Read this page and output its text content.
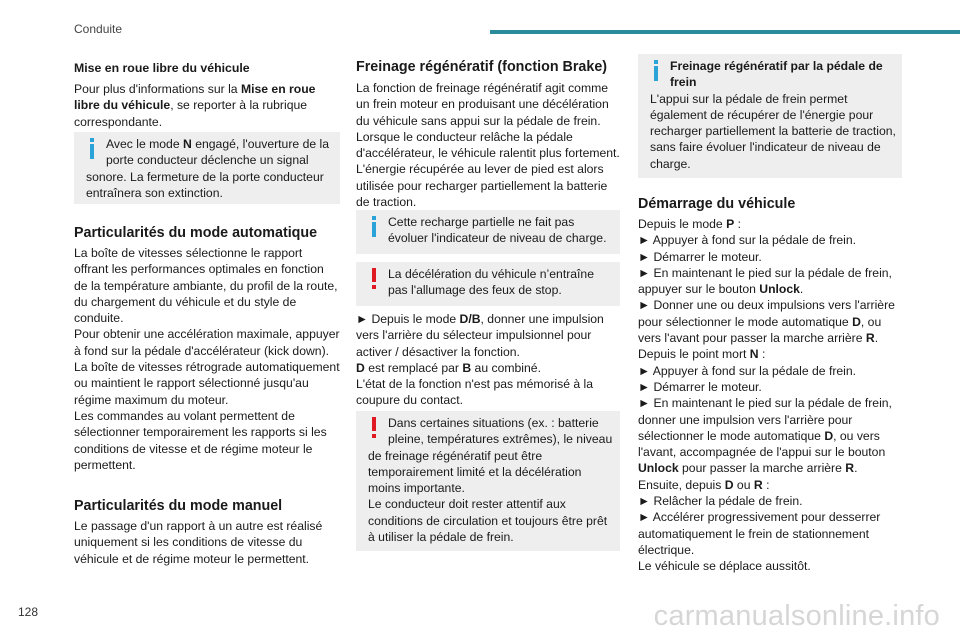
Conduite
Mise en roue libre du véhicule

Pour plus d'informations sur la Mise en roue libre du véhicule, se reporter à la rubrique correspondante.

Avec le mode N engagé, l'ouverture de la porte conducteur déclenche un signal sonore. La fermeture de la porte conducteur entraînera son extinction.

Particularités du mode automatique

La boîte de vitesses sélectionne le rapport offrant les performances optimales en fonction de la température ambiante, du profil de la route, du chargement du véhicule et du style de conduite.

Pour obtenir une accélération maximale, appuyer à fond sur la pédale d'accélérateur (kick down). La boîte de vitesses rétrograde automatiquement ou maintient le rapport sélectionné jusqu'au régime maximum du moteur.

Les commandes au volant permettent de sélectionner temporairement les rapports si les conditions de vitesse et de régime moteur le permettent.

Particularités du mode manuel

Le passage d'un rapport à un autre est réalisé uniquement si les conditions de vitesse du véhicule et de régime moteur le permettent.

Freinage régénératif (fonction Brake)

La fonction de freinage régénératif agit comme un frein moteur en produisant une décélération du véhicule sans appui sur la pédale de frein.

Lorsque le conducteur relâche la pédale d'accélérateur, le véhicule ralentit plus fortement. L'énergie récupérée au lever de pied est alors utilisée pour recharger partiellement la batterie de traction.

Cette recharge partielle ne fait pas évoluer l'indicateur de niveau de charge.

La décélération du véhicule n’entraîne pas l'allumage des feux de stop.

► Depuis le mode D/B, donner une impulsion vers l'arrière du sélecteur impulsionnel pour activer / désactiver la fonction.

D est remplacé par B au combiné.

L'état de la fonction n'est pas mémorisé à la coupure du contact.

Dans certaines situations (ex. : batterie pleine, températures extrêmes), le niveau de freinage régénératif peut être temporairement limité et la décélération moins importante.

Le conducteur doit rester attentif aux conditions de circulation et toujours être prêt à utiliser la pédale de frein.

Freinage régénératif par la pédale de frein

L'appui sur la pédale de frein permet également de récupérer de l'énergie pour recharger partiellement la batterie de traction, sans faire évoluer l'indicateur de niveau de charge.

Démarrage du véhicule

Depuis le mode P :

► Appuyer à fond sur la pédale de frein.

► Démarrer le moteur.

► En maintenant le pied sur la pédale de frein, appuyer sur le bouton Unlock.

► Donner une ou deux impulsions vers l'arrière pour sélectionner le mode automatique D, ou vers l'avant pour passer la marche arrière R.

Depuis le point mort N :

► Appuyer à fond sur la pédale de frein.

► Démarrer le moteur.

► En maintenant le pied sur la pédale de frein, donner une impulsion vers l'arrière pour sélectionner le mode automatique D, ou vers l'avant, accompagnée de l'appui sur le bouton Unlock pour passer la marche arrière R.

Ensuite, depuis D ou R :

► Relâcher la pédale de frein.

► Accélérer progressivement pour desserrer automatiquement le frein de stationnement électrique.

Le véhicule se déplace aussitôt.

128	carmanualsonline.info
